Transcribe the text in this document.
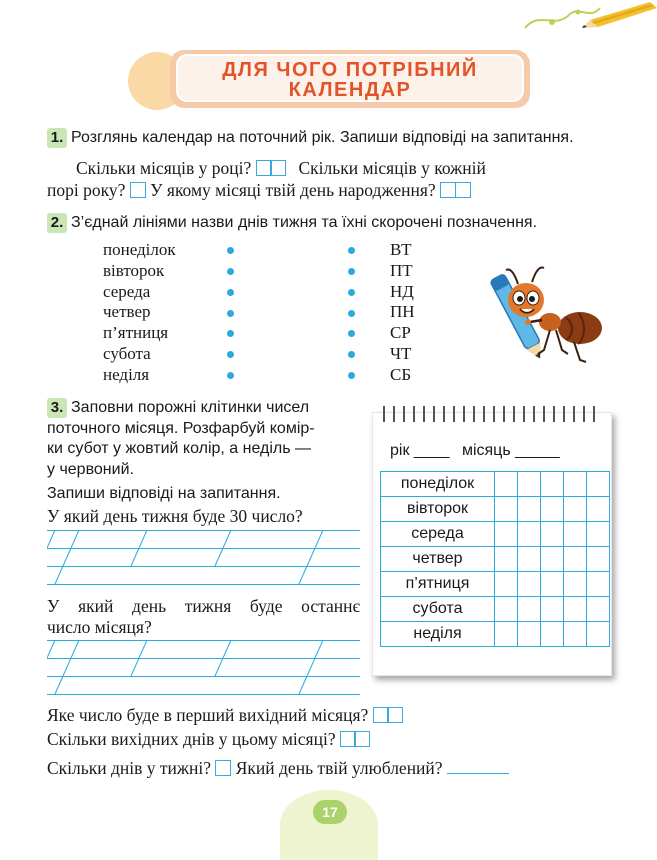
ДЛЯ ЧОГО ПОТРІБНИЙ
КАЛЕНДАР
1. Розглянь календар на поточний рік. Запиши відповіді на запитання.
Скільки місяців у році?	Скільки місяців у кожній
порі року? У якому місяці твій день народження?
2. З’єднай лініями назви днів тижня та їхні скорочені позначення.
понеділок
вівторок
середа
четвер
п’ятниця
субота
неділя
ВТ
ПТ
НД
ПН
СР
ЧТ
СБ
3. Заповни порожні клітинки чисел
поточного місяця. Розфарбуй комір-
ки субот у жовтий колір, а неділь —
у червоний.
Запиши відповіді на запитання.
У який день тижня буде 30 число?
У який день тижня буде останнє
число місяця?
рік ____ місяць _____
понеділок					
вівторок					
середа					
четвер					
п’ятниця					
субота					
неділя					
Яке число буде в перший вихідний місяця?
Скільки вихідних днів у цьому місяці?
Скільки днів у тижні? Який день твій улюблений?
17
